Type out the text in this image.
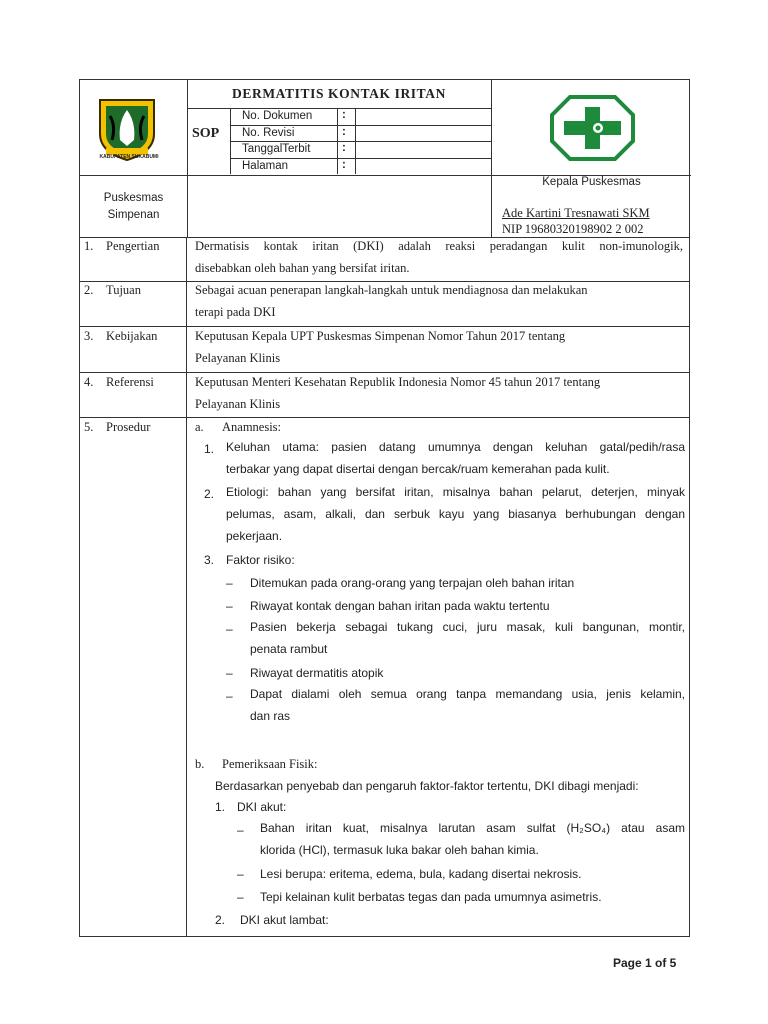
KABUPATEN SUKABUMI
DERMATITIS KONTAK IRITAN
SOP
No. Dokumen	:
No. Revisi	:
TanggalTerbit	:
Halaman	:
Puskesmas
Simpenan
Kepala Puskesmas
Ade Kartini Tresnawati SKM
NIP 19680320198902 2 002
1. Pengertian	Dermatisis kontak iritan (DKI) adalah reaksi peradangan kulit non-imunologik,
disebabkan oleh bahan yang bersifat iritan.
2. Tujuan	Sebagai acuan penerapan langkah-langkah untuk mendiagnosa dan melakukan
terapi pada DKI
3. Kebijakan	Keputusan Kepala UPT Puskesmas Simpenan Nomor Tahun 2017 tentang
Pelayanan Klinis
4. Referensi	Keputusan Menteri Kesehatan Republik Indonesia Nomor 45 tahun 2017 tentang
Pelayanan Klinis
5. Prosedur	a. Anamnesis:
1. Keluhan utama: pasien datang umumnya dengan keluhan gatal/pedih/rasa
terbakar yang dapat disertai dengan bercak/ruam kemerahan pada kulit.
2. Etiologi: bahan yang bersifat iritan, misalnya bahan pelarut, deterjen, minyak
pelumas, asam, alkali, dan serbuk kayu yang biasanya berhubungan dengan
pekerjaan.
3. Faktor risiko:
– Ditemukan pada orang-orang yang terpajan oleh bahan iritan
– Riwayat kontak dengan bahan iritan pada waktu tertentu
– Pasien bekerja sebagai tukang cuci, juru masak, kuli bangunan, montir,
penata rambut
– Riwayat dermatitis atopik
– Dapat dialami oleh semua orang tanpa memandang usia, jenis kelamin,
dan ras
b. Pemeriksaan Fisik:
Berdasarkan penyebab dan pengaruh faktor-faktor tertentu, DKI dibagi menjadi:
1. DKI akut:
– Bahan iritan kuat, misalnya larutan asam sulfat (H₂SO₄) atau asam
klorida (HCl), termasuk luka bakar oleh bahan kimia.
– Lesi berupa: eritema, edema, bula, kadang disertai nekrosis.
– Tepi kelainan kulit berbatas tegas dan pada umumnya asimetris.
2. DKI akut lambat:
Page 1 of 5
